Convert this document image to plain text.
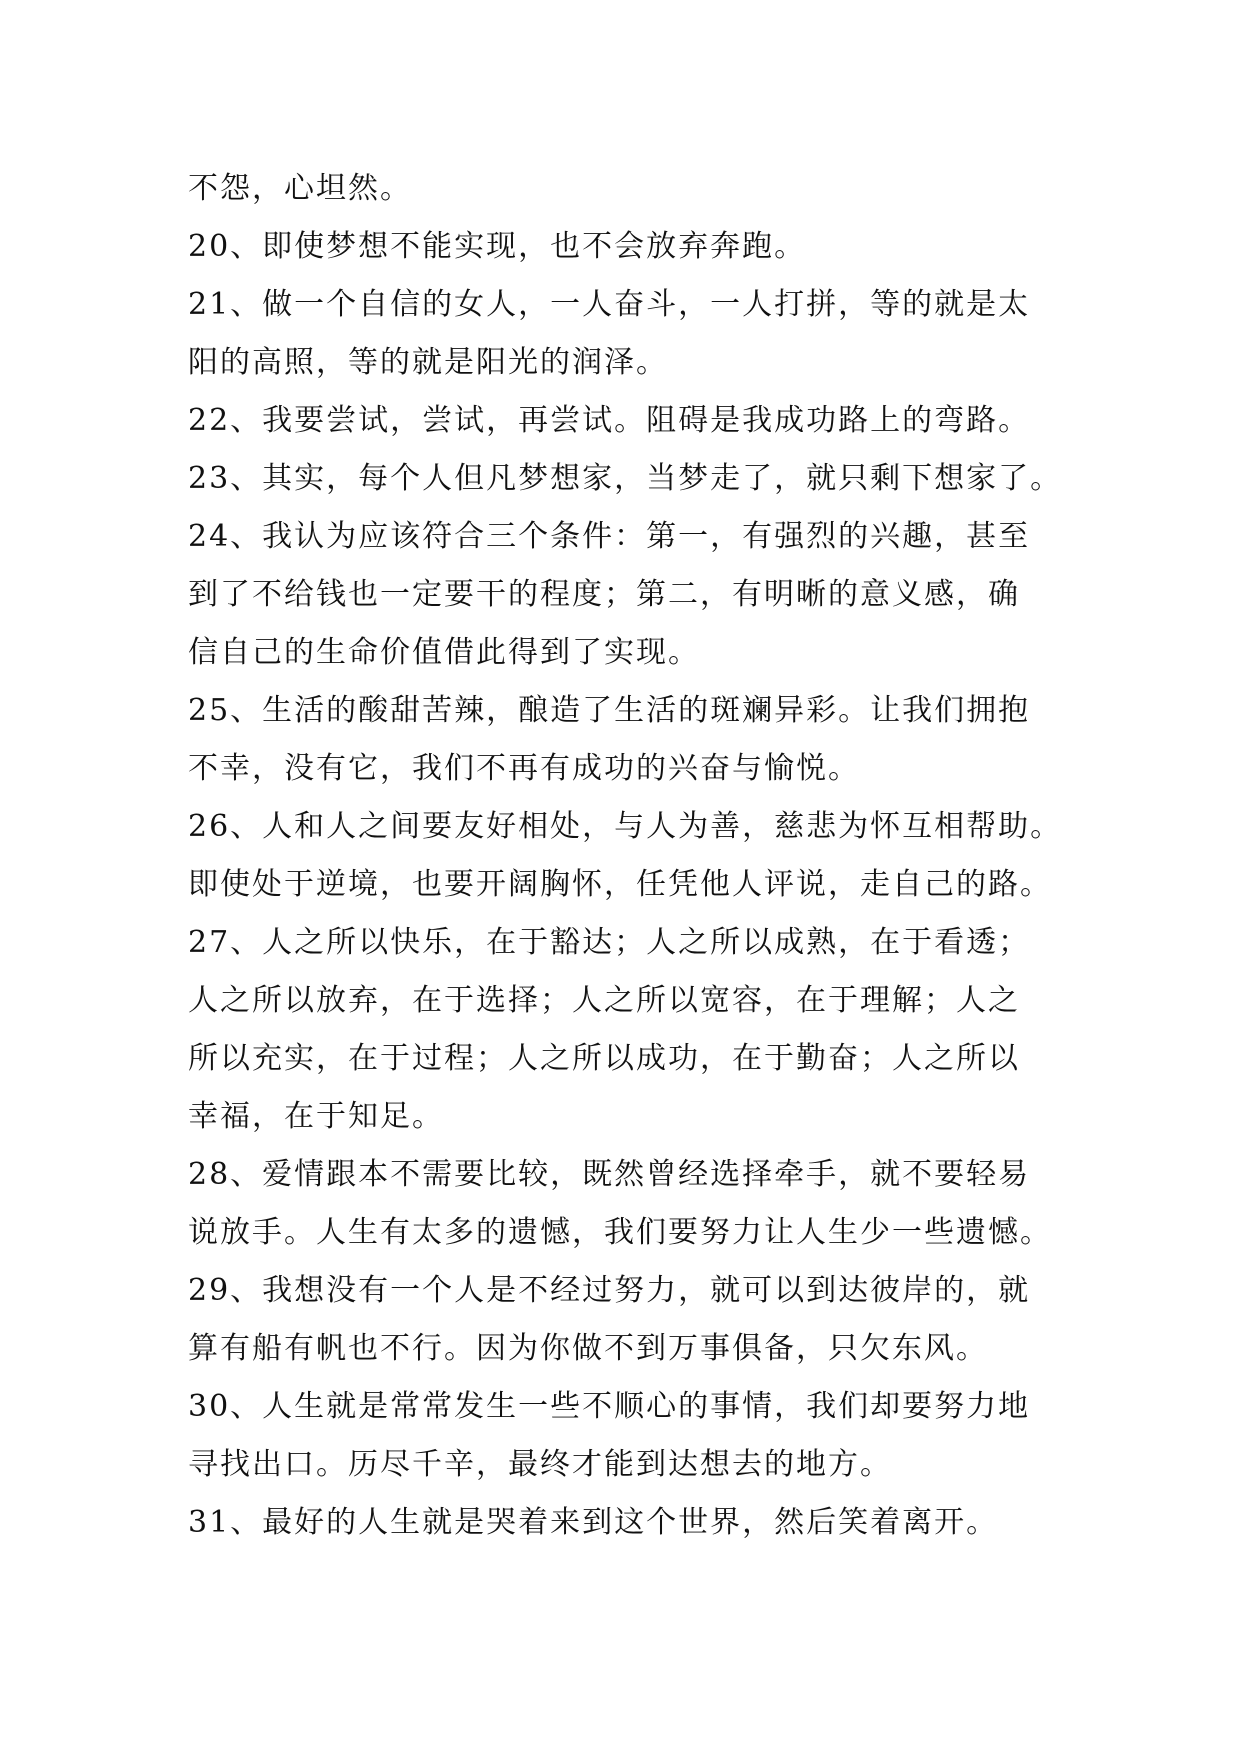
不怨，心坦然。
20、即使梦想不能实现，也不会放弃奔跑。
21、做一个自信的女人，一人奋斗，一人打拼，等的就是太
阳的高照，等的就是阳光的润泽。
22、我要尝试，尝试，再尝试。阻碍是我成功路上的弯路。
23、其实，每个人但凡梦想家，当梦走了，就只剩下想家了。
24、我认为应该符合三个条件：第一，有强烈的兴趣，甚至
到了不给钱也一定要干的程度；第二，有明晰的意义感，确
信自己的生命价值借此得到了实现。
25、生活的酸甜苦辣，酿造了生活的斑斓异彩。让我们拥抱
不幸，没有它，我们不再有成功的兴奋与愉悦。
26、人和人之间要友好相处，与人为善，慈悲为怀互相帮助。
即使处于逆境，也要开阔胸怀，任凭他人评说，走自己的路。
27、人之所以快乐，在于豁达；人之所以成熟，在于看透；
人之所以放弃，在于选择；人之所以宽容，在于理解；人之
所以充实，在于过程；人之所以成功，在于勤奋；人之所以
幸福，在于知足。
28、爱情跟本不需要比较，既然曾经选择牵手，就不要轻易
说放手。人生有太多的遗憾，我们要努力让人生少一些遗憾。
29、我想没有一个人是不经过努力，就可以到达彼岸的，就
算有船有帆也不行。因为你做不到万事俱备，只欠东风。
30、人生就是常常发生一些不顺心的事情，我们却要努力地
寻找出口。历尽千辛，最终才能到达想去的地方。
31、最好的人生就是哭着来到这个世界，然后笑着离开。
